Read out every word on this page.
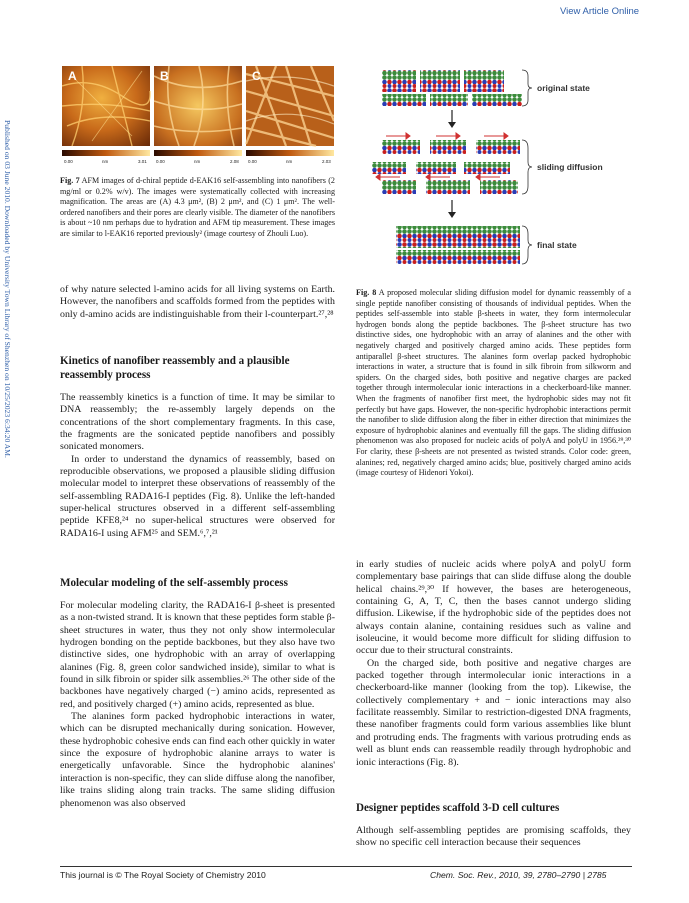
View Article Online
Published on 03 June 2010. Downloaded by University Town Library of Shenzhen on 10/25/2023 6:34:20 AM.
A	B	C
0.00	nm	3.01 0.00	nm	2.08 0.00	nm	2.03

Fig. 7 AFM images of d-chiral peptide d-EAK16 self-assembling into nanofibers (2 mg/ml or 0.2% w/v). The images were systematically collected with increasing magnification. The areas are (A) 4.3 μm², (B) 2 μm², and (C) 1 μm². The well-ordered nanofibers and their pores are clearly visible. The diameter of the nanofibers is about ~10 nm perhaps due to hydration and AFM tip measurement. These images are similar to l-EAK16 reported previously² (image courtesy of Zhouli Luo).

original state
sliding diffusion
final state

Fig. 8 A proposed molecular sliding diffusion model for dynamic reassembly of a single peptide nanofiber consisting of thousands of individual peptides. When the peptides self-assemble into stable β-sheets in water, they form intermolecular hydrogen bonds along the peptide backbones. The β-sheet structure has two distinctive sides, one hydrophobic with an array of alanines and the other with negatively charged and positively charged amino acids. These peptides form antiparallel β-sheet structures. The alanines form overlap packed hydrophobic interactions in water, a structure that is found in silk fibroin from silkworm and spiders. On the charged sides, both positive and negative charges are packed together through intermolecular ionic interactions in a checkerboard-like manner. When the fragments of nanofiber first meet, the hydrophobic sides may not fit perfectly but have gaps. However, the non-specific hydrophobic interactions permit the nanofiber to slide diffusion along the fiber in either direction that minimizes the exposure of hydrophobic alanines and eventually fill the gaps. The sliding diffusion phenomenon was also proposed for nucleic acids of polyA and polyU in 1956.²⁹,³⁰ For clarity, these β-sheets are not presented as twisted strands. Color code: green, alanines; red, negatively charged amino acids; blue, positively charged amino acids (image courtesy of Hidenori Yokoi).

of why nature selected l-amino acids for all living systems on Earth. However, the nanofibers and scaffolds formed from the peptides with only d-amino acids are indistinguishable from their l-counterpart.²⁷,²⁸

Kinetics of nanofiber reassembly and a plausible reassembly process

The reassembly kinetics is a function of time. It may be similar to DNA reassembly; the re-assembly largely depends on the concentrations of the short complementary fragments. In this case, the fragments are the sonicated peptide nanofibers and possibly sonicated monomers.

In order to understand the dynamics of reassembly, based on reproducible observations, we proposed a plausible sliding diffusion molecular model to interpret these observations of reassembly of the self-assembling RADA16-I peptides (Fig. 8). Unlike the left-handed super-helical structures observed in a different self-assembling peptide KFE8,²⁴ no super-helical structures were observed for RADA16-I using AFM²⁵ and SEM.⁶,⁷,²¹

Molecular modeling of the self-assembly process

For molecular modeling clarity, the RADA16-I β-sheet is presented as a non-twisted strand. It is known that these peptides form stable β-sheet structures in water, thus they not only show intermolecular hydrogen bonding on the peptide backbones, but they also have two distinctive sides, one hydrophobic with an array of overlapping alanines (Fig. 8, green color sandwiched inside), similar to what is found in silk fibroin or spider silk assemblies.²⁶ The other side of the backbones have negatively charged (−) amino acids, represented as red, and positively charged (+) amino acids, represented as blue.

The alanines form packed hydrophobic interactions in water, which can be disrupted mechanically during sonication. However, these hydrophobic cohesive ends can find each other quickly in water since the exposure of hydrophobic alanine arrays to water is energetically unfavorable. Since the hydrophobic alanines' interaction is non-specific, they can slide diffuse along the nanofiber, like trains sliding along train tracks. The same sliding diffusion phenomenon was also observed

in early studies of nucleic acids where polyA and polyU form complementary base pairings that can slide diffuse along the double helical chains.²⁹,³⁰ If however, the bases are heterogeneous, containing G, A, T, C, then the bases cannot undergo sliding diffusion. Likewise, if the hydrophobic side of the peptides does not always contain alanine, containing residues such as valine and isoleucine, it would become more difficult for sliding diffusion to occur due to their structural constraints.

On the charged side, both positive and negative charges are packed together through intermolecular ionic interactions in a checkerboard-like manner (looking from the top). Likewise, the collectively complementary + and − ionic interactions may also facilitate reassembly. Similar to restriction-digested DNA fragments, these nanofiber fragments could form various assemblies like blunt and protruding ends. The fragments with various protruding ends as well as blunt ends can reassemble readily through hydrophobic and ionic interactions (Fig. 8).

Designer peptides scaffold 3-D cell cultures

Although self-assembling peptides are promising scaffolds, they show no specific cell interaction because their sequences

This journal is © The Royal Society of Chemistry 2010	Chem. Soc. Rev., 2010, 39, 2780–2790 | 2785
